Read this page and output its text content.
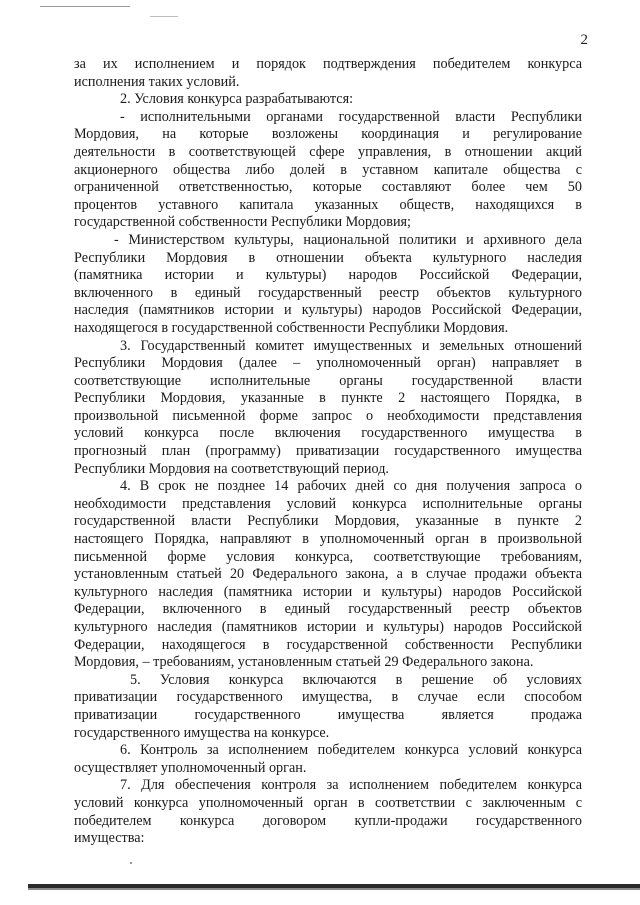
2
за их исполнением и порядок подтверждения победителем конкурса
исполнения таких условий.
2. Условия конкурса разрабатываются:
- исполнительными органами государственной власти Республики
Мордовия, на которые возложены координация и регулирование
деятельности в соответствующей сфере управления, в отношении акций
акционерного общества либо долей в уставном капитале общества с
ограниченной ответственностью, которые составляют более чем 50
процентов уставного капитала указанных обществ, находящихся в
государственной собственности Республики Мордовия;
- Министерством культуры, национальной политики и архивного дела
Республики Мордовия в отношении объекта культурного наследия
(памятника истории и культуры) народов Российской Федерации,
включенного в единый государственный реестр объектов культурного
наследия (памятников истории и культуры) народов Российской Федерации,
находящегося в государственной собственности Республики Мордовия.
3. Государственный комитет имущественных и земельных отношений
Республики Мордовия (далее – уполномоченный орган) направляет в
соответствующие исполнительные органы государственной власти
Республики Мордовия, указанные в пункте 2 настоящего Порядка, в
произвольной письменной форме запрос о необходимости представления
условий конкурса после включения государственного имущества в
прогнозный план (программу) приватизации государственного имущества
Республики Мордовия на соответствующий период.
4. В срок не позднее 14 рабочих дней со дня получения запроса о
необходимости представления условий конкурса исполнительные органы
государственной власти Республики Мордовия, указанные в пункте 2
настоящего Порядка, направляют в уполномоченный орган в произвольной
письменной форме условия конкурса, соответствующие требованиям,
установленным статьей 20 Федерального закона, а в случае продажи объекта
культурного наследия (памятника истории и культуры) народов Российской
Федерации, включенного в единый государственный реестр объектов
культурного наследия (памятников истории и культуры) народов Российской
Федерации, находящегося в государственной собственности Республики
Мордовия, – требованиям, установленным статьей 29 Федерального закона.
5. Условия конкурса включаются в решение об условиях
приватизации государственного имущества, в случае если способом
приватизации государственного имущества является продажа
государственного имущества на конкурсе.
6. Контроль за исполнением победителем конкурса условий конкурса
осуществляет уполномоченный орган.
7. Для обеспечения контроля за исполнением победителем конкурса
условий конкурса уполномоченный орган в соответствии с заключенным с
победителем конкурса договором купли-продажи государственного
имущества:
